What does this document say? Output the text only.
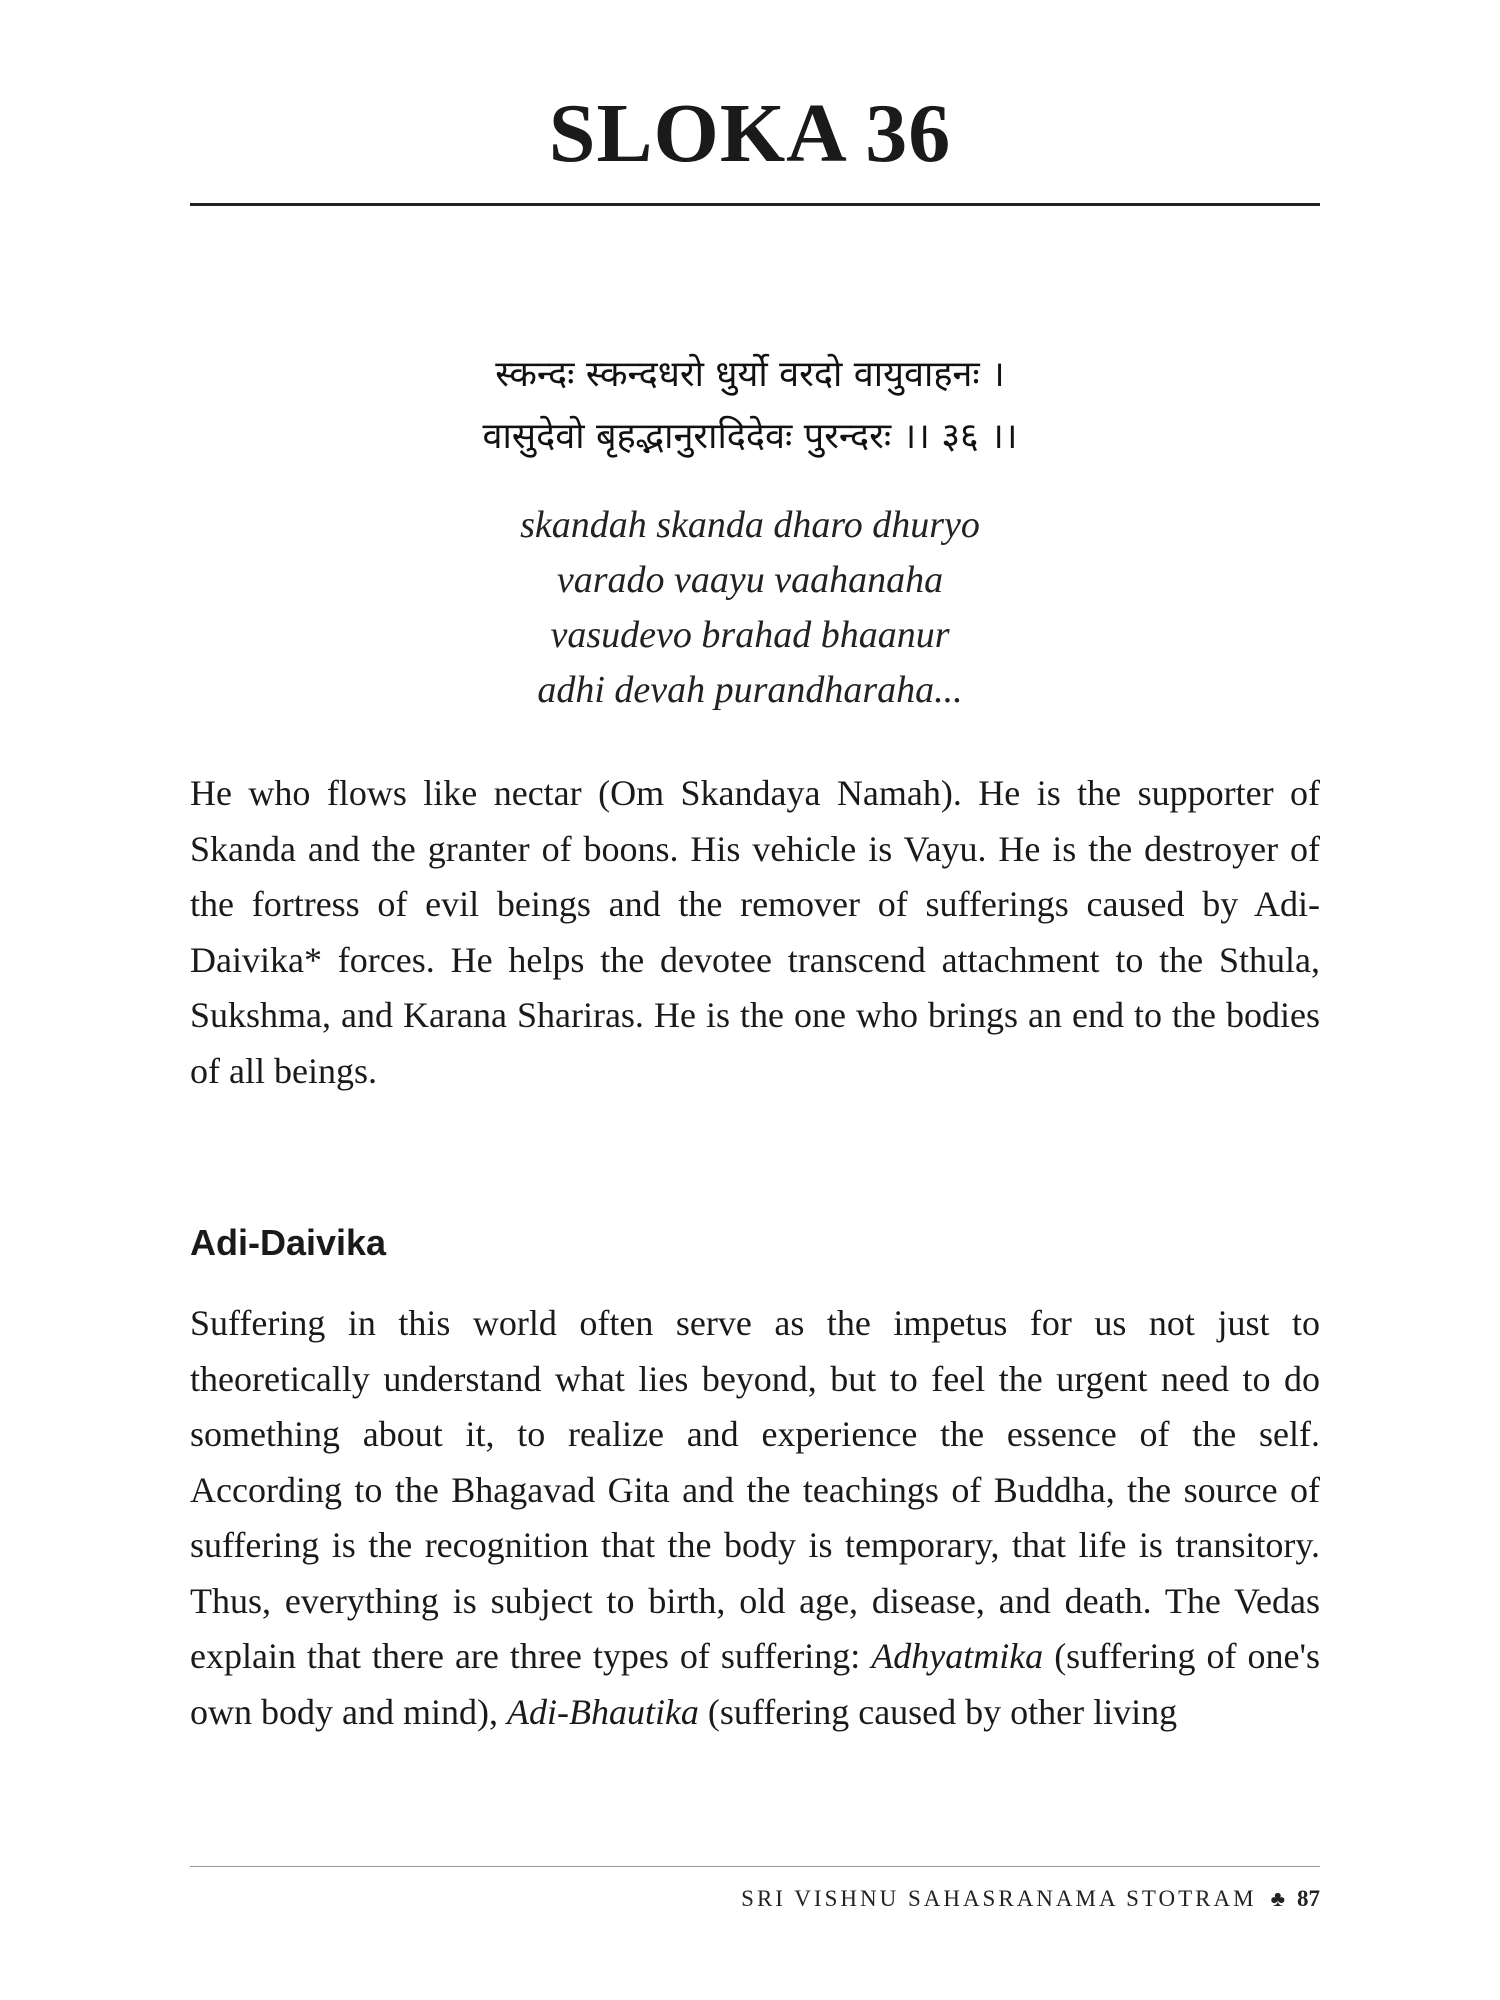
SLOKA 36
स्कन्दः स्कन्दधरो धुर्यो वरदो वायुवाहनः ।
वासुदेवो बृहद्भानुरादिदेवः पुरन्दरः ।। ३६ ।।
skandah skanda dharo dhuryo
varado vaayu vaahanaha
vasudevo brahad bhaanur
adhi devah purandharaha...

He who flows like nectar (Om Skandaya Namah). He is the supporter of Skanda and the granter of boons. His vehicle is Vayu. He is the destroyer of the fortress of evil beings and the remover of sufferings caused by Adi-Daivika* forces. He helps the devotee transcend attachment to the Sthula, Sukshma, and Karana Shariras. He is the one who brings an end to the bodies of all beings.

Adi-Daivika

Suffering in this world often serve as the impetus for us not just to theoretically understand what lies beyond, but to feel the urgent need to do something about it, to realize and experience the essence of the self. According to the Bhagavad Gita and the teachings of Buddha, the source of suffering is the recognition that the body is temporary, that life is transitory. Thus, everything is subject to birth, old age, disease, and death. The Vedas explain that there are three types of suffering: Adhyatmika (suffering of one's own body and mind), Adi-Bhautika (suffering caused by other living

SRI VISHNU SAHASRANAMA STOTRAM ♣ 87
